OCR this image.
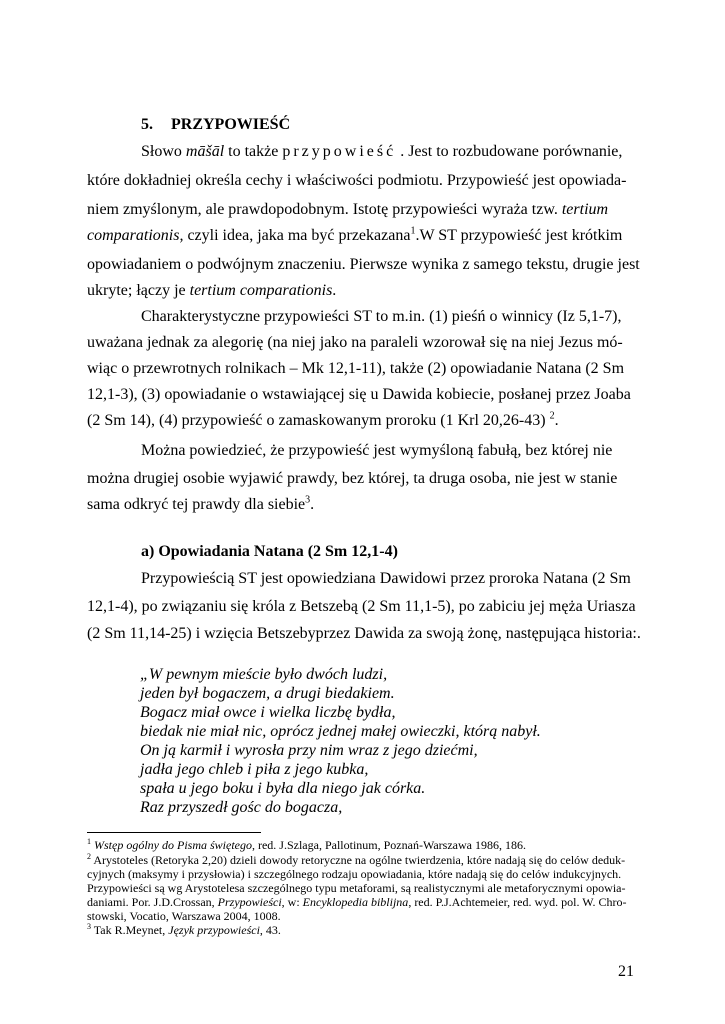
5. PRZYPOWIEŚĆ
Słowo māšāl to także przypowieść . Jest to rozbudowane porównanie,
które dokładniej określa cechy i właściwości podmiotu. Przypowieść jest opowiada-
niem zmyślonym, ale prawdopodobnym. Istotę przypowieści wyraża tzw. tertium
comparationis, czyli idea, jaka ma być przekazana$^1$.W ST przypowieść jest krótkim
opowiadaniem o podwójnym znaczeniu. Pierwsze wynika z samego tekstu, drugie jest
ukryte; łączy je tertium comparationis.
Charakterystyczne przypowieści ST to m.in. (1) pieśń o winnicy (Iz 5,1-7),
uważana jednak za alegorię (na niej jako na paraleli wzorował się na niej Jezus mó-
wiąc o przewrotnych rolnikach – Mk 12,1-11), także (2) opowiadanie Natana (2 Sm
12,1-3), (3) opowiadanie o wstawiającej się u Dawida kobiecie, posłanej przez Joaba
(2 Sm 14), (4) przypowieść o zamaskowanym proroku (1 Krl 20,26-43) $^2$.
Można powiedzieć, że przypowieść jest wymyśloną fabułą, bez której nie
można drugiej osobie wyjawić prawdy, bez której, ta druga osoba, nie jest w stanie
sama odkryć tej prawdy dla siebie$^3$.
a) Opowiadania Natana (2 Sm 12,1-4)
Przypowieścią ST jest opowiedziana Dawidowi przez proroka Natana (2 Sm
12,1-4), po związaniu się króla z Betszebą (2 Sm 11,1-5), po zabiciu jej męża Uriasza
(2 Sm 11,14-25) i wzięcia Betszebyprzez Dawida za swoją żonę, następująca historia:.
„W pewnym mieście było dwóch ludzi,
jeden był bogaczem, a drugi biedakiem.
Bogacz miał owce i wielka liczbę bydła,
biedak nie miał nic, oprócz jednej małej owieczki, którą nabył.
On ją karmił i wyrosła przy nim wraz z jego dziećmi,
jadła jego chleb i piła z jego kubka,
spała u jego boku i była dla niego jak córka.
Raz przyszedł gośc do bogacza,
$^1$ Wstęp ogólny do Pisma świętego, red. J.Szlaga, Pallotinum, Poznań-Warszawa 1986, 186.
$^2$ Arystoteles (Retoryka 2,20) dzieli dowody retoryczne na ogólne twierdzenia, które nadają się do celów deduk-
cyjnych (maksymy i przysłowia) i szczególnego rodzaju opowiadania, które nadają się do celów indukcyjnych.
Przypowieści są wg Arystotelesa szczególnego typu metaforami, są realistycznymi ale metaforycznymi opowia-
daniami. Por. J.D.Crossan, Przypowieści, w: Encyklopedia biblijna, red. P.J.Achtemeier, red. wyd. pol. W. Chro-
stowski, Vocatio, Warszawa 2004, 1008.
$^3$ Tak R.Meynet, Język przypowieści, 43.
21
